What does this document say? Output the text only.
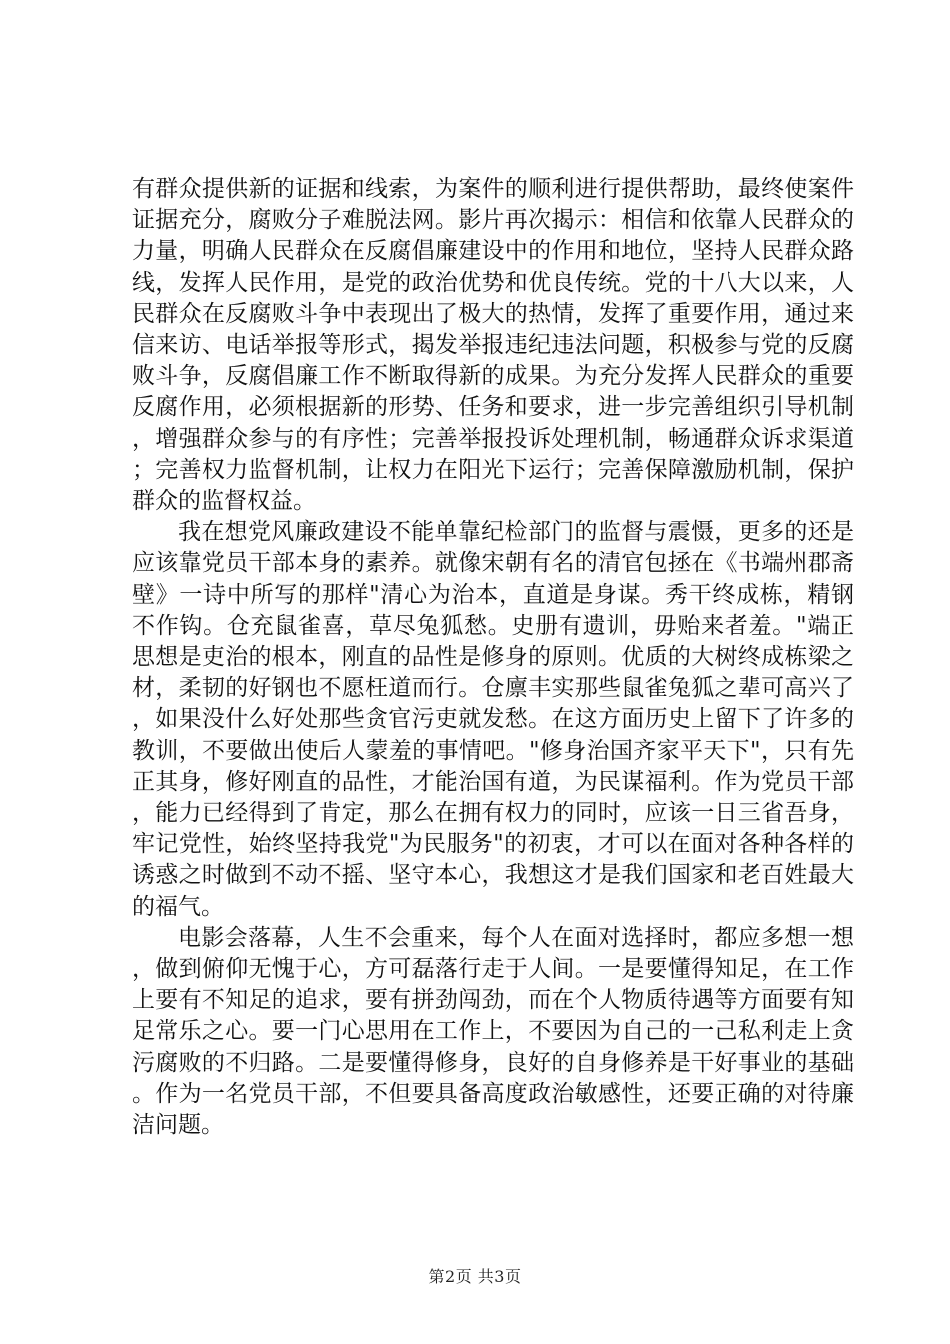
有群众提供新的证据和线索，为案件的顺利进行提供帮助，最终使案件证据充分，腐败分子难脱法网。影片再次揭示：相信和依靠人民群众的力量，明确人民群众在反腐倡廉建设中的作用和地位，坚持人民群众路线，发挥人民作用，是党的政治优势和优良传统。党的十八大以来，人民群众在反腐败斗争中表现出了极大的热情，发挥了重要作用，通过来信来访、电话举报等形式，揭发举报违纪违法问题，积极参与党的反腐败斗争，反腐倡廉工作不断取得新的成果。为充分发挥人民群众的重要反腐作用，必须根据新的形势、任务和要求，进一步完善组织引导机制，增强群众参与的有序性；完善举报投诉处理机制，畅通群众诉求渠道；完善权力监督机制，让权力在阳光下运行；完善保障激励机制，保护群众的监督权益。

我在想党风廉政建设不能单靠纪检部门的监督与震慑，更多的还是应该靠党员干部本身的素养。就像宋朝有名的清官包拯在《书端州郡斋壁》一诗中所写的那样"清心为治本，直道是身谋。秀干终成栋，精钢不作钩。仓充鼠雀喜，草尽兔狐愁。史册有遗训，毋贻来者羞。"端正思想是吏治的根本，刚直的品性是修身的原则。优质的大树终成栋梁之材，柔韧的好钢也不愿枉道而行。仓廪丰实那些鼠雀兔狐之辈可高兴了，如果没什么好处那些贪官污吏就发愁。在这方面历史上留下了许多的教训，不要做出使后人蒙羞的事情吧。"修身治国齐家平天下"，只有先正其身，修好刚直的品性，才能治国有道，为民谋福利。作为党员干部，能力已经得到了肯定，那么在拥有权力的同时，应该一日三省吾身，牢记党性，始终坚持我党"为民服务"的初衷，才可以在面对各种各样的诱惑之时做到不动不摇、坚守本心，我想这才是我们国家和老百姓最大的福气。

电影会落幕，人生不会重来，每个人在面对选择时，都应多想一想，做到俯仰无愧于心，方可磊落行走于人间。一是要懂得知足，在工作上要有不知足的追求，要有拼劲闯劲，而在个人物质待遇等方面要有知足常乐之心。要一门心思用在工作上，不要因为自己的一己私利走上贪污腐败的不归路。二是要懂得修身，良好的自身修养是干好事业的基础。作为一名党员干部，不但要具备高度政治敏感性，还要正确的对待廉洁问题。

第2页 共3页
